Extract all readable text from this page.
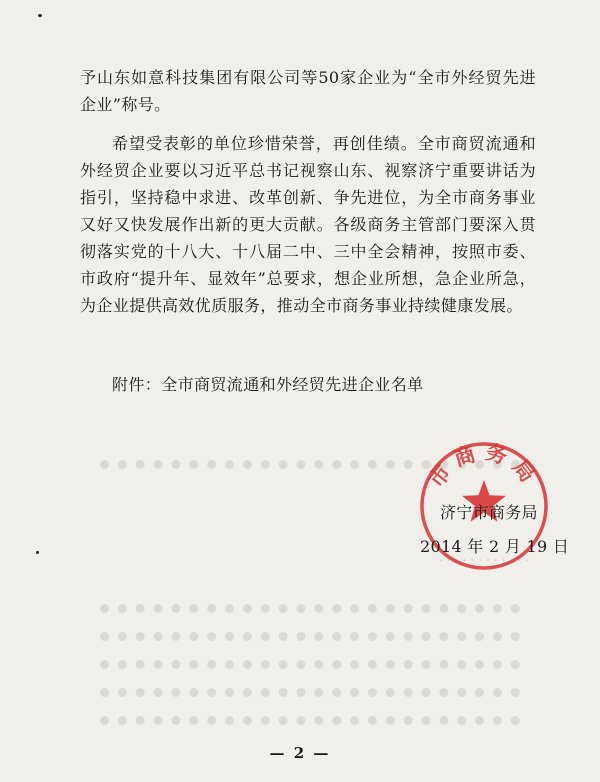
予山东如意科技集团有限公司等50家企业为“全市外经贸先进企业”称号。

希望受表彰的单位珍惜荣誉，再创佳绩。全市商贸流通和外经贸企业要以习近平总书记视察山东、视察济宁重要讲话为指引，坚持稳中求进、改革创新、争先进位，为全市商务事业又好又快发展作出新的更大贡献。各级商务主管部门要深入贯彻落实党的十八大、十八届二中、三中全会精神，按照市委、市政府“提升年、显效年”总要求，想企业所想，急企业所急，为企业提供高效优质服务，推动全市商务事业持续健康发展。

附件：全市商贸流通和外经贸先进企业名单

市商务局
· · · · · · · · · · · ·

济宁市商务局

2014 年 2 月 19 日

— 2 —
